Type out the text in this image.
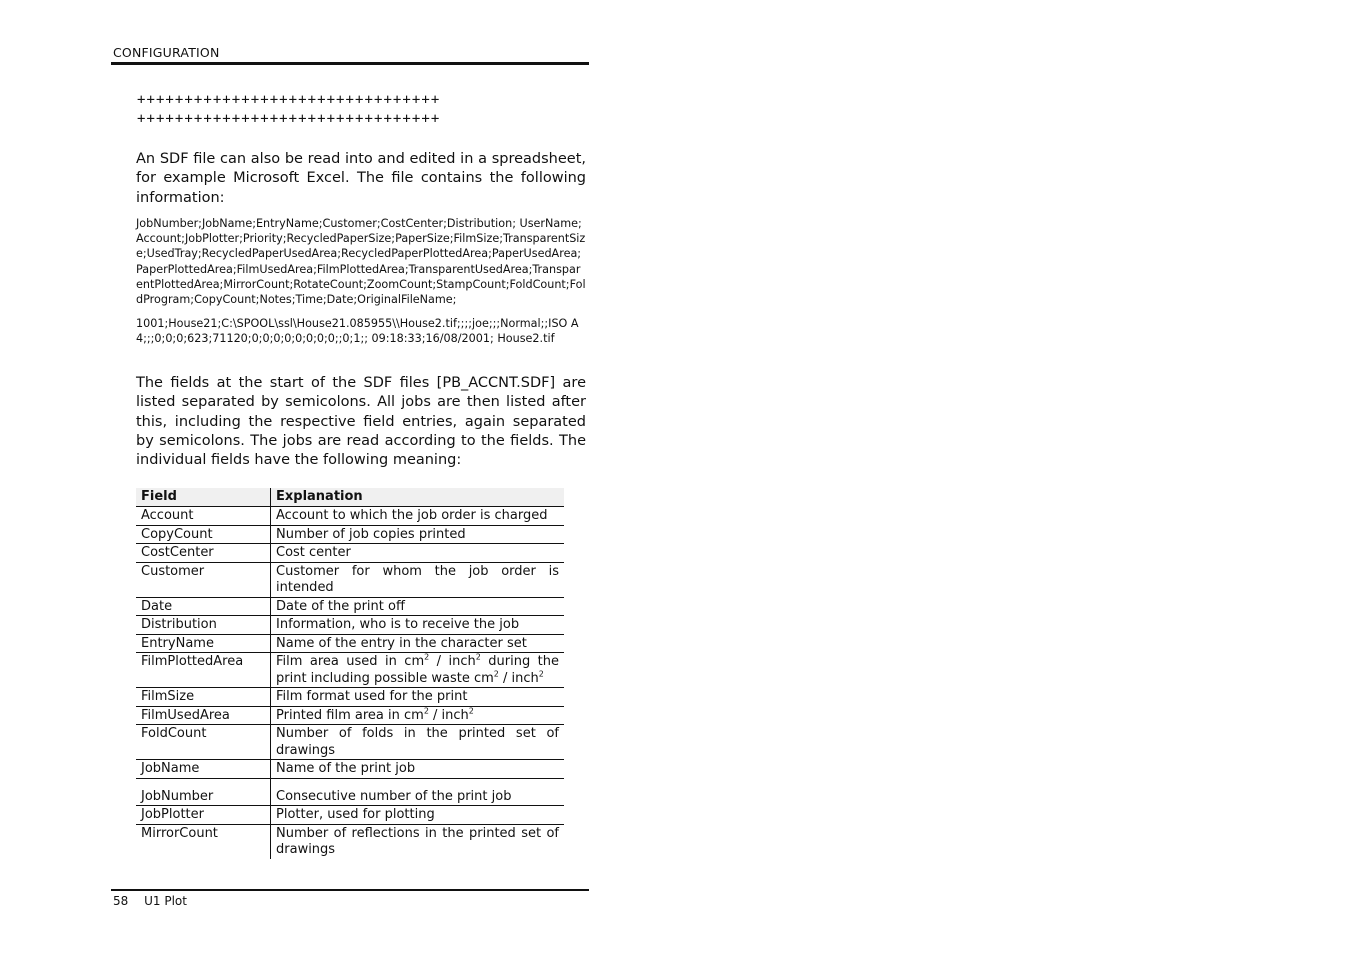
CONFIGURATION
++++++++++++++++++++++++++++++++
++++++++++++++++++++++++++++++++
An SDF file can also be read into and edited in a spreadsheet, for example Microsoft Excel. The file contains the following information:
JobNumber;JobName;EntryName;Customer;CostCenter;Distribution; UserName;Account;JobPlotter;Priority;RecycledPaperSize;PaperSize;FilmSize;TransparentSize;UsedTray;RecycledPaperUsedArea;RecycledPaperPlottedArea;PaperUsedArea;PaperPlottedArea;FilmUsedArea;FilmPlottedArea;TransparentUsedArea;TransparentPlottedArea;MirrorCount;RotateCount;ZoomCount;StampCount;FoldCount;FoldProgram;CopyCount;Notes;Time;Date;OriginalFileName;
1001;House21;C:\SPOOL\ssl\House21.085955\\House2.tif;;;;joe;;;Normal;;ISO A4;;;0;0;0;623;71120;0;0;0;0;0;0;0;0;;0;1;; 09:18:33;16/08/2001; House2.tif
The fields at the start of the SDF files [PB_ACCNT.SDF] are listed separated by semicolons. All jobs are then listed after this, including the respective field entries, again separated by semicolons. The jobs are read according to the fields. The individual fields have the following meaning:
Field	Explanation
Account	Account to which the job order is charged
CopyCount	Number of job copies printed
CostCenter	Cost center
Customer	Customer for whom the job order is intended
Date	Date of the print off
Distribution	Information, who is to receive the job
EntryName	Name of the entry in the character set
FilmPlottedArea	Film area used in $cm^2$ / inch$^2$ during the print including possible waste $cm^2$ / inch$^2$
FilmSize	Film format used for the print
FilmUsedArea	Printed film area in $cm^2$ / inch$^2$
FoldCount	Number of folds in the printed set of drawings
JobName	Name of the print job
JobNumber	Consecutive number of the print job
JobPlotter	Plotter, used for plotting
MirrorCount	Number of reflections in the printed set of drawings
58 U1 Plot
